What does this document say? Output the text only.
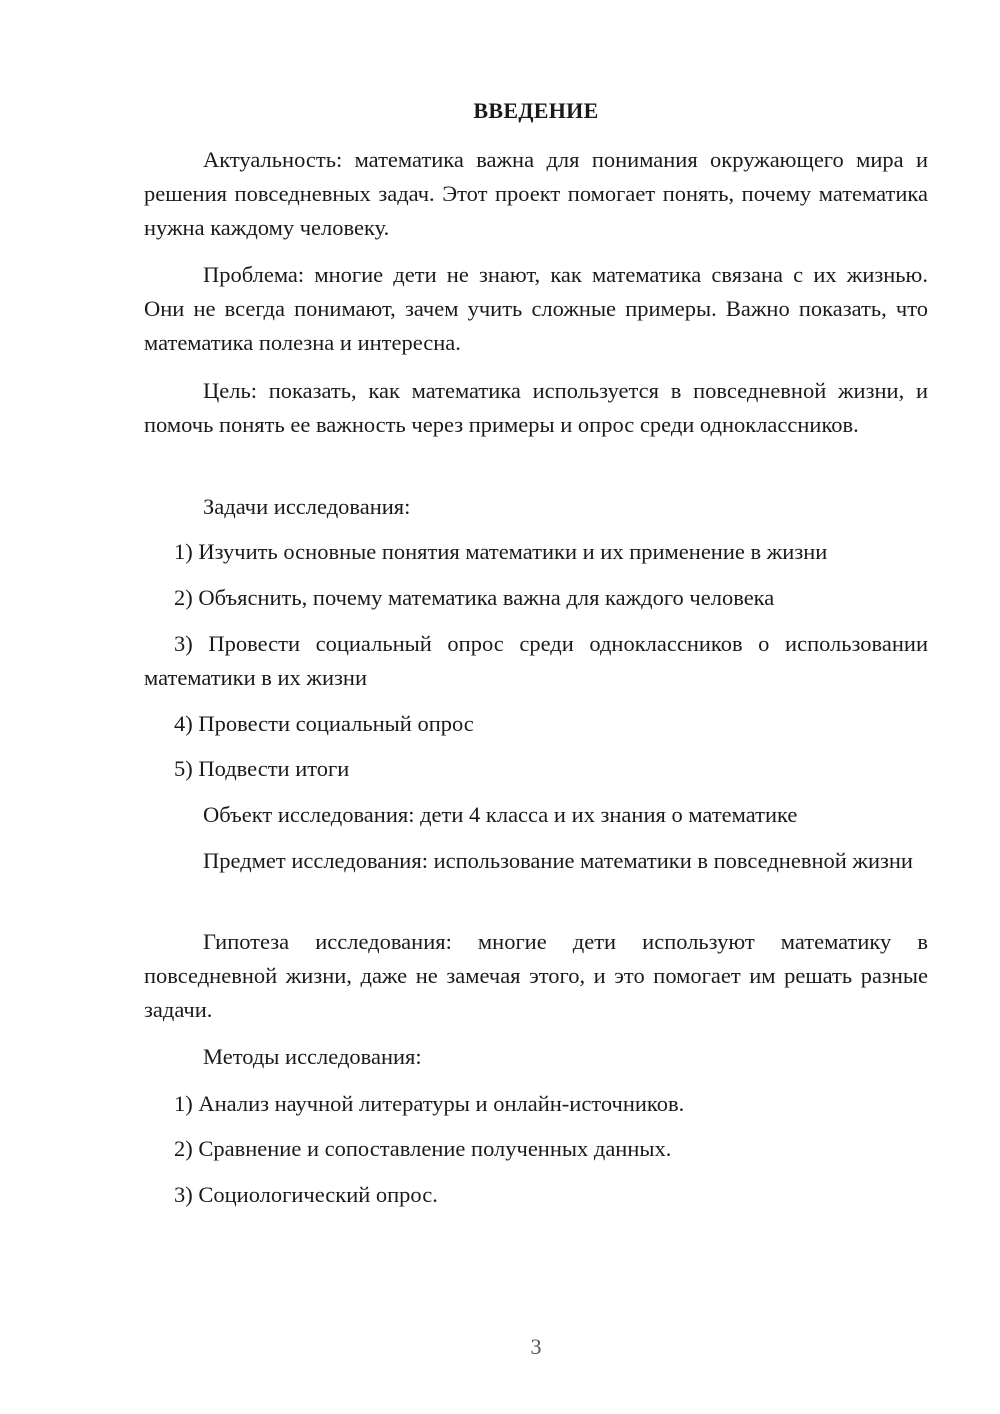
ВВЕДЕНИЕ

Актуальность: математика важна для понимания окружающего мира и решения повседневных задач. Этот проект помогает понять, почему математика нужна каждому человеку.

Проблема: многие дети не знают, как математика связана с их жизнью. Они не всегда понимают, зачем учить сложные примеры. Важно показать, что математика полезна и интересна.

Цель: показать, как математика используется в повседневной жизни, и помочь понять ее важность через примеры и опрос среди одноклассников.

Задачи исследования:

1) Изучить основные понятия математики и их применение в жизни

2) Объяснить, почему математика важна для каждого человека

3) Провести социальный опрос среди одноклассников о использовании математики в их жизни

4) Провести социальный опрос

5) Подвести итоги

Объект исследования: дети 4 класса и их знания о математике

Предмет исследования: использование математики в повседневной жизни

Гипотеза исследования: многие дети используют математику в повседневной жизни, даже не замечая этого, и это помогает им решать разные задачи.

Методы исследования:

1) Анализ научной литературы и онлайн-источников.

2) Сравнение и сопоставление полученных данных.

3) Социологический опрос.

3
